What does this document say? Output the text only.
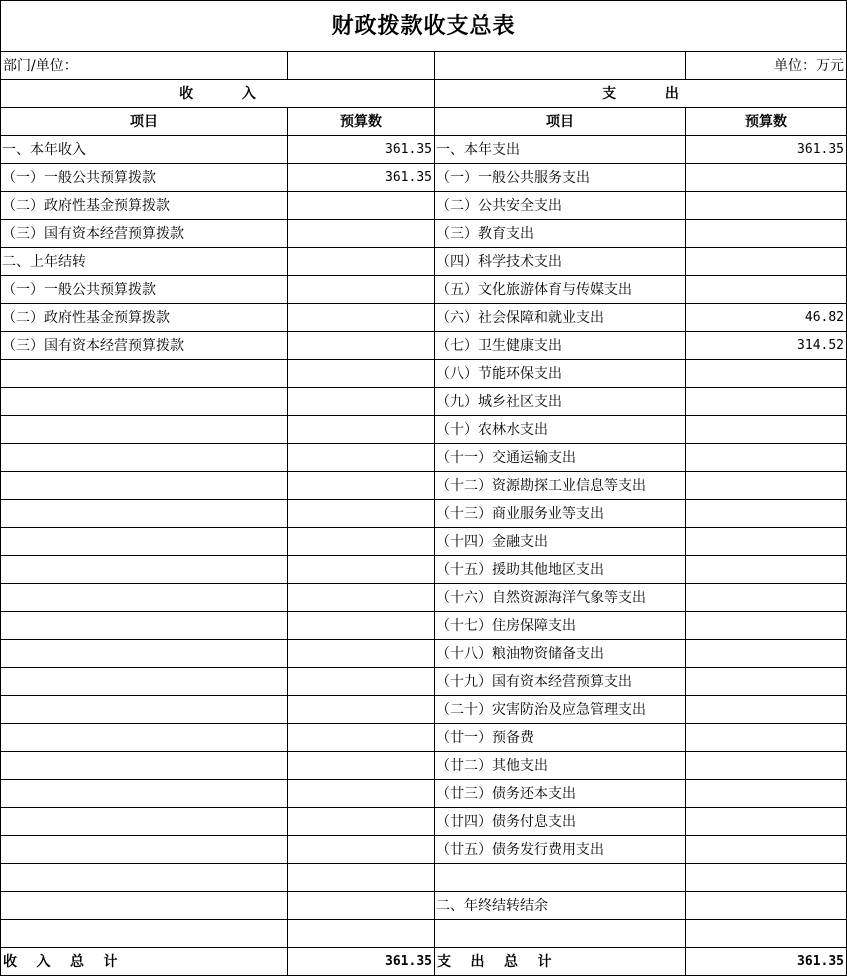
财政拨款收支总表			
部门/单位：			单位：万元
收          入		支          出	
项目	预算数	项目	预算数
一、本年收入	361.35	一、本年支出	361.35
（一）一般公共预算拨款	361.35	（一）一般公共服务支出	
（二）政府性基金预算拨款		（二）公共安全支出	
（三）国有资本经营预算拨款		（三）教育支出	
二、上年结转		（四）科学技术支出	
（一）一般公共预算拨款		（五）文化旅游体育与传媒支出	
（二）政府性基金预算拨款		（六）社会保障和就业支出	46.82
（三）国有资本经营预算拨款		（七）卫生健康支出	314.52
		（八）节能环保支出	
		（九）城乡社区支出	
		（十）农林水支出	
		（十一）交通运输支出	
		（十二）资源勘探工业信息等支出	
		（十三）商业服务业等支出	
		（十四）金融支出	
		（十五）援助其他地区支出	
		（十六）自然资源海洋气象等支出	
		（十七）住房保障支出	
		（十八）粮油物资储备支出	
		（十九）国有资本经营预算支出	
		（二十）灾害防治及应急管理支出	
		（廿一）预备费	
		（廿二）其他支出	
		（廿三）债务还本支出	
		（廿四）债务付息支出	
		（廿五）债务发行费用支出	

		二、年终结转结余	

收    入    总    计	361.35	支    出    总    计	361.35
